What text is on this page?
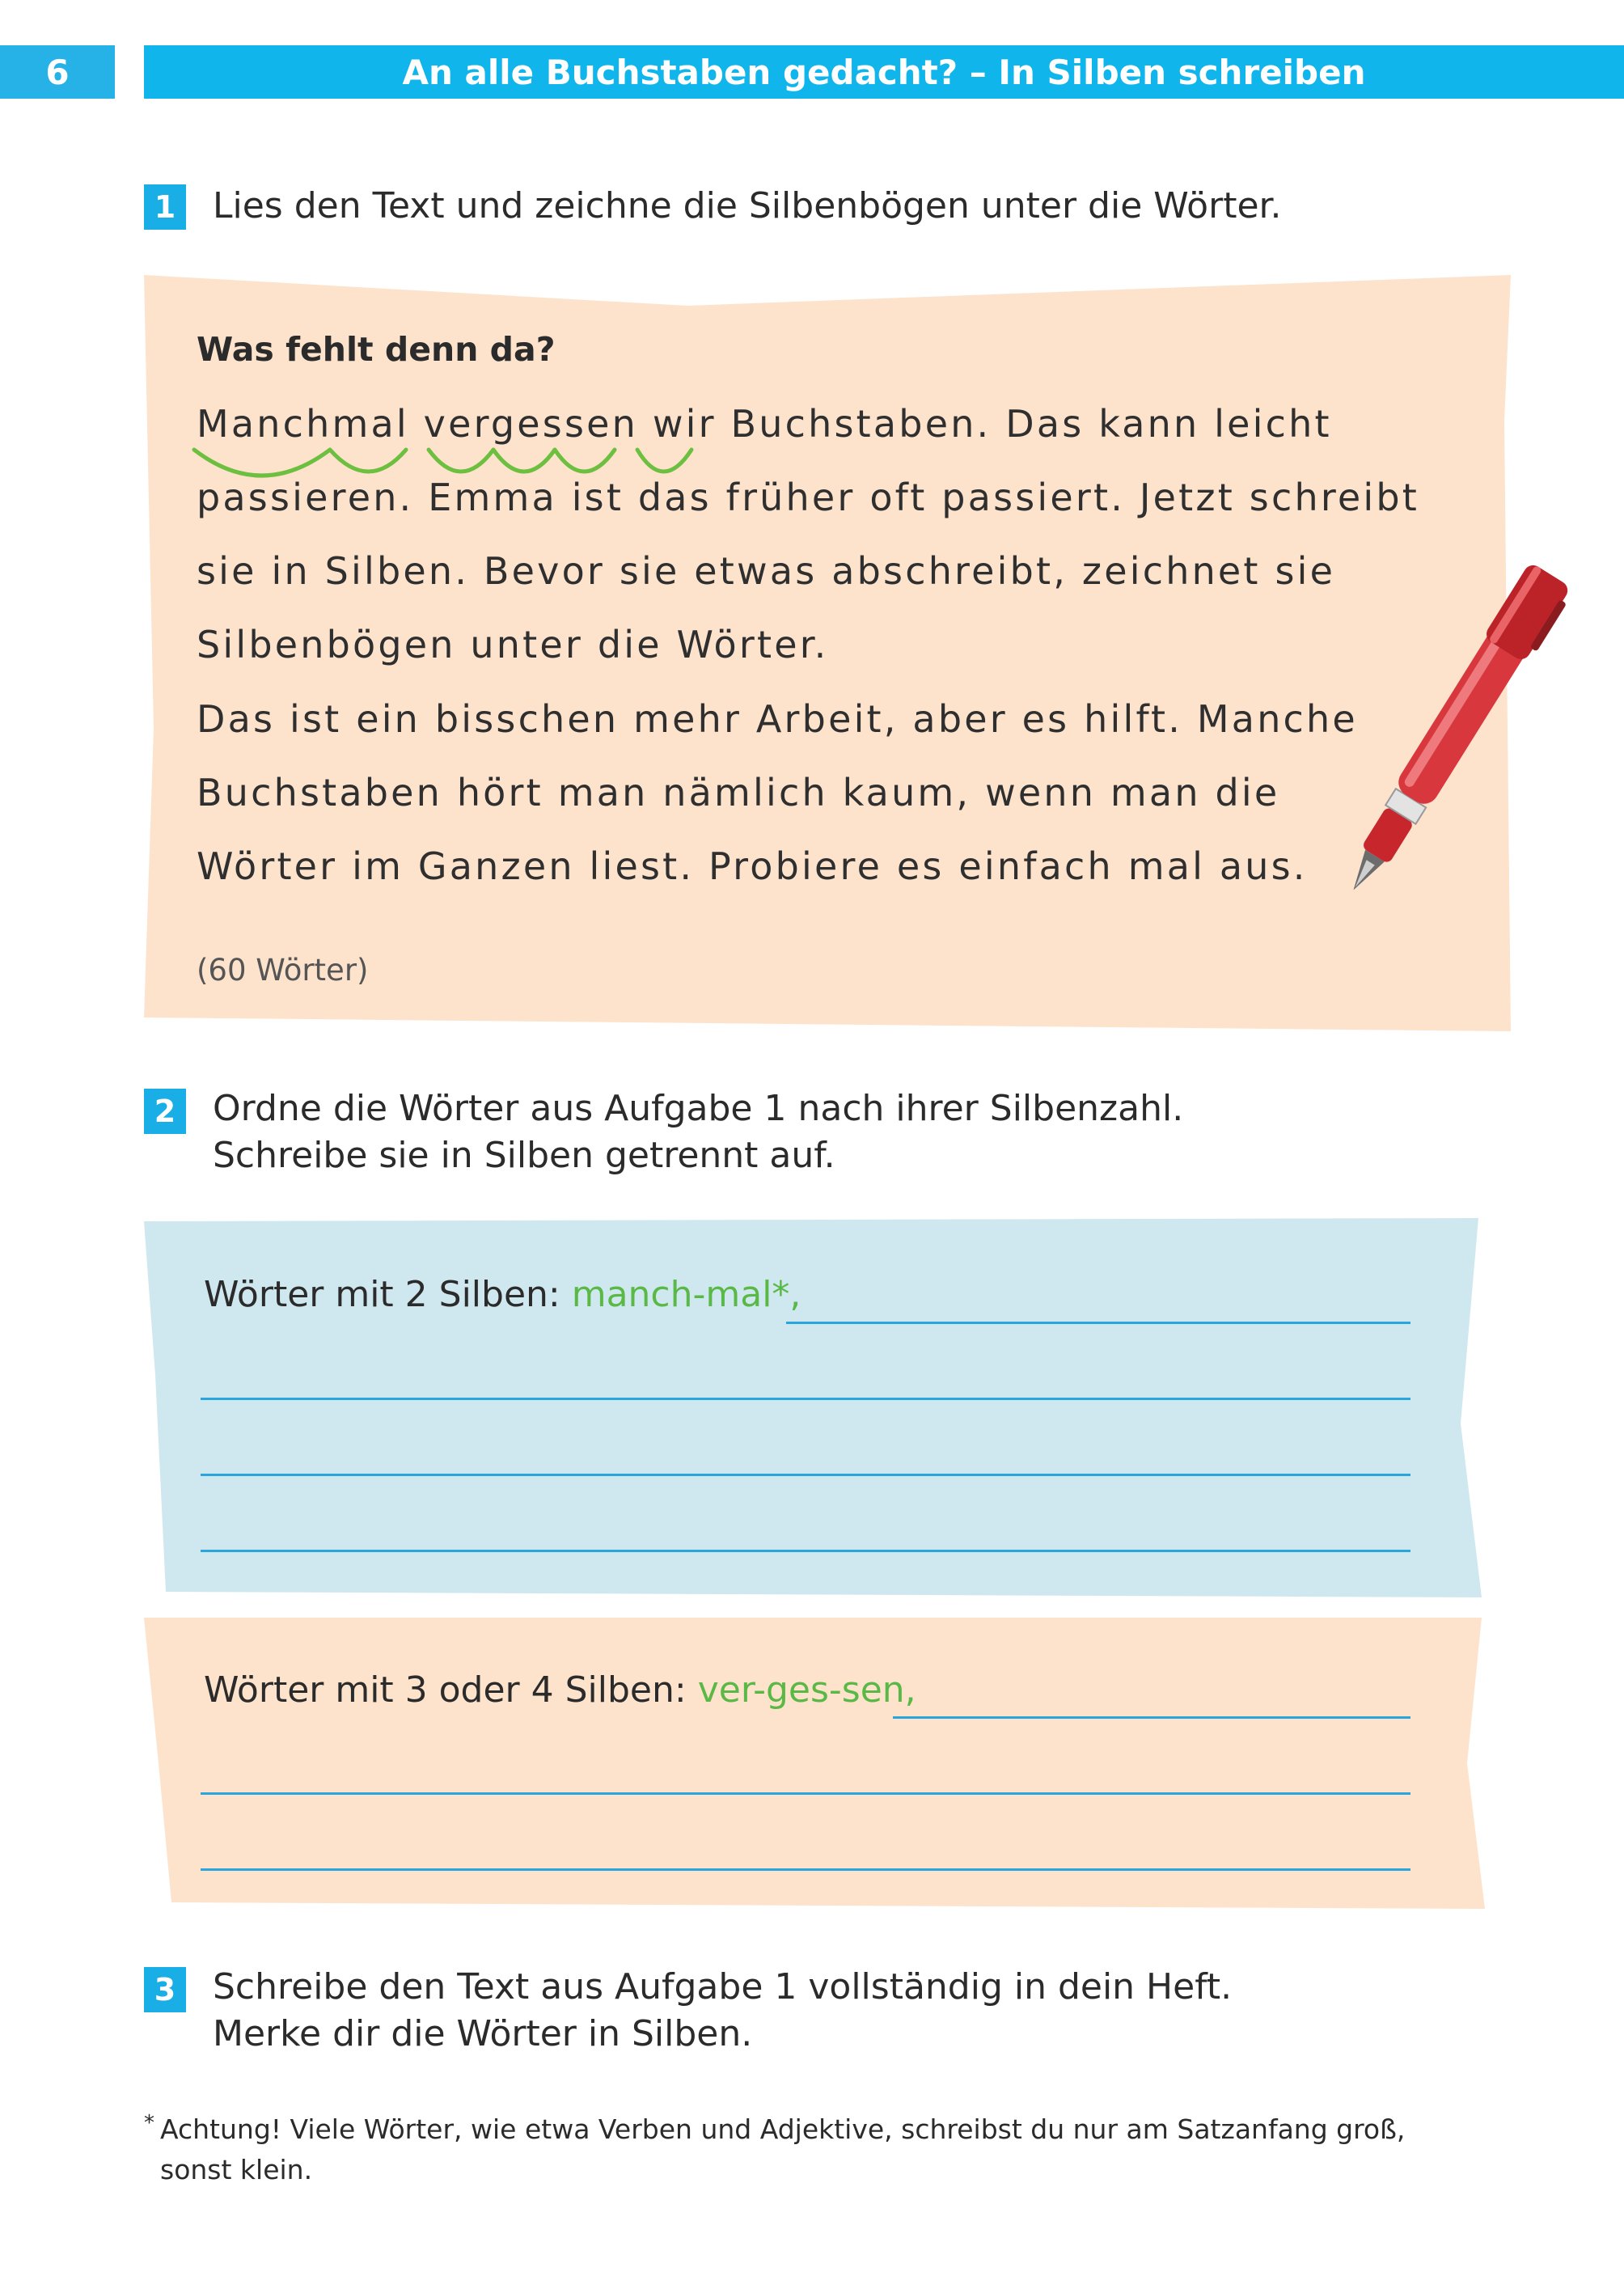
6	An alle Buchstaben gedacht? – In Silben schreiben
1 Lies den Text und zeichne die Silbenbögen unter die Wörter.
Was fehlt denn da?
Manchmal vergessen wir Buchstaben. Das kann leicht
passieren. Emma ist das früher oft passiert. Jetzt schreibt
sie in Silben. Bevor sie etwas abschreibt, zeichnet sie
Silbenbögen unter die Wörter.
Das ist ein bisschen mehr Arbeit, aber es hilft. Manche
Buchstaben hört man nämlich kaum, wenn man die
Wörter im Ganzen liest. Probiere es einfach mal aus.
(60 Wörter)
2 Ordne die Wörter aus Aufgabe 1 nach ihrer Silbenzahl.
Schreibe sie in Silben getrennt auf.
Wörter mit 2 Silben: manch-mal*,
Wörter mit 3 oder 4 Silben: ver-ges-sen,
3 Schreibe den Text aus Aufgabe 1 vollständig in dein Heft.
Merke dir die Wörter in Silben.
* Achtung! Viele Wörter, wie etwa Verben und Adjektive, schreibst du nur am Satzanfang groß,
sonst klein.
